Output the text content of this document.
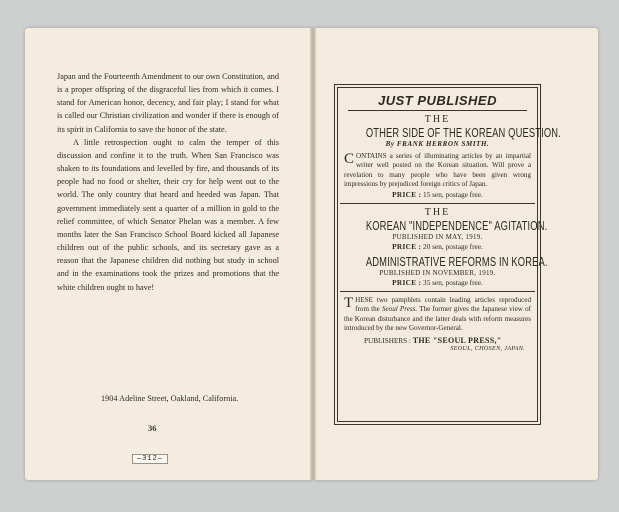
Japan and the Fourteenth Amendment to our own Constitution, and is a proper offspring of the disgraceful lies from which it comes. I stand for American honor, decency, and fair play; I stand for what is called our Christian civilization and wonder if there is enough of its spirit in California to save the honor of the state.

A little retrospection ought to calm the temper of this discussion and confine it to the truth. When San Francisco was shaken to its foundations and levelled by fire, and thousands of its people had no food or shelter, their cry for help went out to the world. The only country that heard and heeded was Japan. That government immediately sent a quarter of a million in gold to the relief committee, of which Senator Phelan was a member. A few months later the San Francisco School Board kicked all Japanese children out of the public schools, and its secretary gave as a reason that the Japanese children did nothing but study in school and in the examinations took the prizes and promotions that the white children ought to have!

1904 Adeline Street, Oakland, California.
36
—312—
JUST PUBLISHED
THE
OTHER SIDE OF THE KOREAN QUESTION.
By FRANK HERRON SMITH.
CONTAINS a series of illuminating articles by an impartial writer well posted on the Korean situation. Will prove a revelation to many people who have been given wrong impressions by prejudiced foreign critics of Japan.
PRICE : 15 sen, postage free.
THE
KOREAN "INDEPENDENCE" AGITATION.
PUBLISHED IN MAY, 1919.
PRICE : 20 sen, postage free.
ADMINISTRATIVE REFORMS IN KOREA.
PUBLISHED IN NOVEMBER, 1919.
PRICE : 35 sen, postage free.
THESE two pamphlets contain leading articles reproduced from the Seoul Press. The former gives the Japanese view of the Korean disturbance and the latter deals with reform measures introduced by the new Governor-General.
PUBLISHERS : THE "SEOUL PRESS,"
SEOUL, CHOSEN, JAPAN.
